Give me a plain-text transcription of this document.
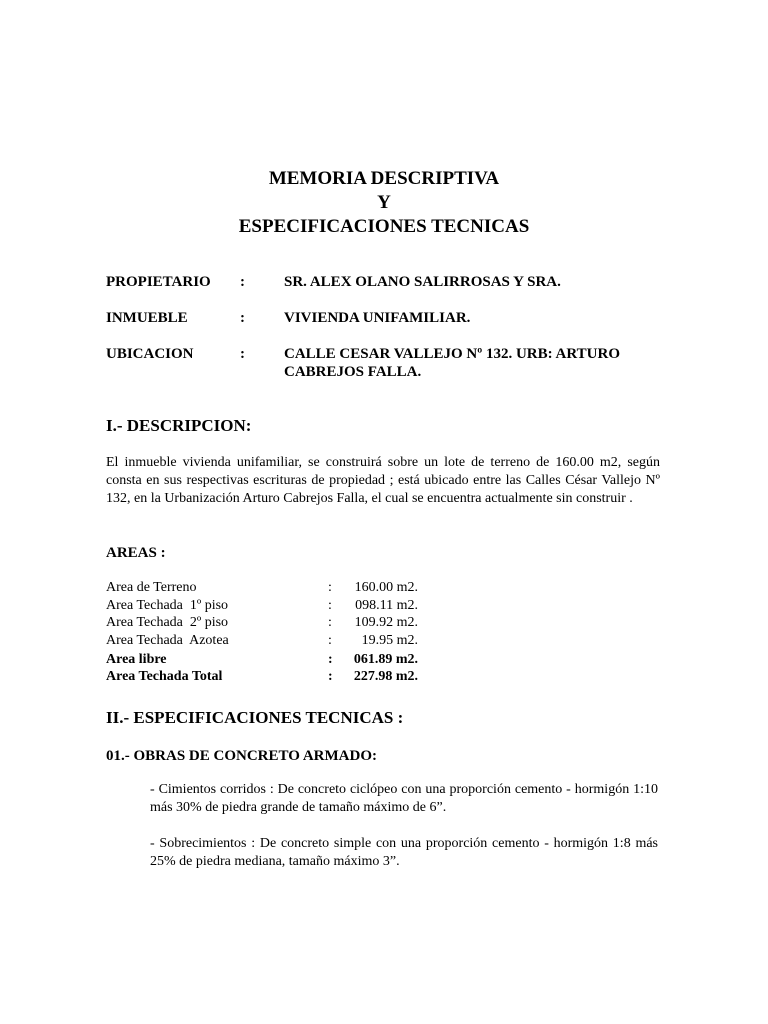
MEMORIA DESCRIPTIVA
Y
ESPECIFICACIONES TECNICAS
PROPIETARIO	:	SR. ALEX OLANO SALIRROSAS Y SRA.
INMUEBLE	:	VIVIENDA UNIFAMILIAR.
UBICACION	:	CALLE CESAR VALLEJO Nº 132. URB: ARTURO CABREJOS FALLA.
I.- DESCRIPCION:
El inmueble vivienda unifamiliar, se construirá sobre un lote de terreno de 160.00 m2, según consta en sus respectivas escrituras de propiedad ; está ubicado entre las Calles César Vallejo Nº 132, en la Urbanización Arturo Cabrejos Falla, el cual se encuentra actualmente sin construir .
AREAS :
Area de Terreno	:	160.00 m2.
Area Techada  1º piso	:	098.11 m2.
Area Techada  2º piso	:	109.92 m2.
Area Techada  Azotea	:	19.95 m2.
Area libre	:	061.89 m2.
Area Techada Total	:	227.98 m2.
II.- ESPECIFICACIONES TECNICAS :
01.- OBRAS DE CONCRETO ARMADO:
- Cimientos corridos : De concreto ciclópeo con una proporción cemento - hormigón 1:10 más 30% de piedra grande de tamaño máximo de 6”.
- Sobrecimientos : De concreto simple con una proporción cemento - hormigón 1:8 más 25% de piedra mediana, tamaño máximo 3”.
